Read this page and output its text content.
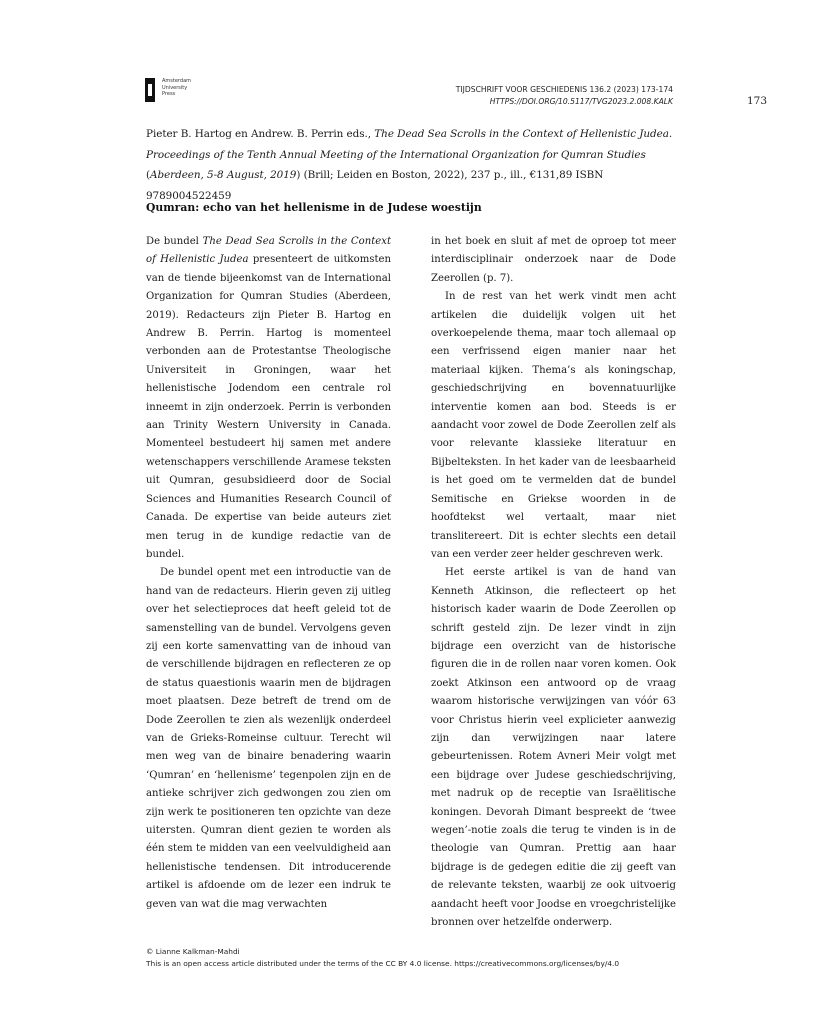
Amsterdam
University
Press	TIJDSCHRIFT VOOR GESCHIEDENIS 136.2 (2023) 173-174
HTTPS://DOI.ORG/10.5117/TVG2023.2.008.KALK	173
Pieter B. Hartog en Andrew. B. Perrin eds., The Dead Sea Scrolls in the Context of Hellenistic Judea. Proceedings of the Tenth Annual Meeting of the International Organization for Qumran Studies (Aberdeen, 5-8 August, 2019) (Brill; Leiden en Boston, 2022), 237 p., ill., €131,89 ISBN 9789004522459
Qumran: echo van het hellenisme in de Judese woestijn

De bundel The Dead Sea Scrolls in the Context of Hellenistic Judea presenteert de uitkomsten van de tiende bijeenkomst van de International Organization for Qumran Studies (Aberdeen, 2019). Redacteurs zijn Pieter B. Hartog en Andrew B. Perrin. Hartog is momenteel verbonden aan de Protestantse Theologische Universiteit in Groningen, waar het hellenistische Jodendom een centrale rol inneemt in zijn onderzoek. Perrin is verbonden aan Trinity Western University in Canada. Momenteel bestudeert hij samen met andere wetenschappers verschillende Aramese teksten uit Qumran, gesubsidieerd door de Social Sciences and Humanities Research Council of Canada. De expertise van beide auteurs ziet men terug in de kundige redactie van de bundel.

De bundel opent met een introductie van de hand van de redacteurs. Hierin geven zij uitleg over het selectieproces dat heeft geleid tot de samenstelling van de bundel. Vervolgens geven zij een korte samenvatting van de inhoud van de verschillende bijdragen en reflecteren ze op de status quaestionis waarin men de bijdragen moet plaatsen. Deze betreft de trend om de Dode Zeerollen te zien als wezenlijk onderdeel van de Grieks-Romeinse cultuur. Terecht wil men weg van de binaire benadering waarin ‘Qumran’ en ‘hellenisme’ tegenpolen zijn en de antieke schrijver zich gedwongen zou zien om zijn werk te positioneren ten opzichte van deze uitersten. Qumran dient gezien te worden als één stem te midden van een veelvuldigheid aan hellenistische tendensen. Dit introducerende artikel is afdoende om de lezer een indruk te geven van wat die mag verwachten

in het boek en sluit af met de oproep tot meer interdisciplinair onderzoek naar de Dode Zeerollen (p. 7).

In de rest van het werk vindt men acht artikelen die duidelijk volgen uit het overkoepelende thema, maar toch allemaal op een verfrissend eigen manier naar het materiaal kijken. Thema’s als koningschap, geschiedschrijving en bovennatuurlijke interventie komen aan bod. Steeds is er aandacht voor zowel de Dode Zeerollen zelf als voor relevante klassieke literatuur en Bijbelteksten. In het kader van de leesbaarheid is het goed om te vermelden dat de bundel Semitische en Griekse woorden in de hoofdtekst wel vertaalt, maar niet translitereert. Dit is echter slechts een detail van een verder zeer helder geschreven werk.

Het eerste artikel is van de hand van Kenneth Atkinson, die reflecteert op het historisch kader waarin de Dode Zeerollen op schrift gesteld zijn. De lezer vindt in zijn bijdrage een overzicht van de historische figuren die in de rollen naar voren komen. Ook zoekt Atkinson een antwoord op de vraag waarom historische verwijzingen van vóór 63 voor Christus hierin veel explicieter aanwezig zijn dan verwijzingen naar latere gebeurtenissen. Rotem Avneri Meir volgt met een bijdrage over Judese geschiedschrijving, met nadruk op de receptie van Israëlitische koningen. Devorah Dimant bespreekt de ‘twee wegen’-notie zoals die terug te vinden is in de theologie van Qumran. Prettig aan haar bijdrage is de gedegen editie die zij geeft van de relevante teksten, waarbij ze ook uitvoerig aandacht heeft voor Joodse en vroegchristelijke bronnen over hetzelfde onderwerp.

© Lianne Kalkman-Mahdi
This is an open access article distributed under the terms of the CC BY 4.0 license. https://creativecommons.org/licenses/by/4.0
